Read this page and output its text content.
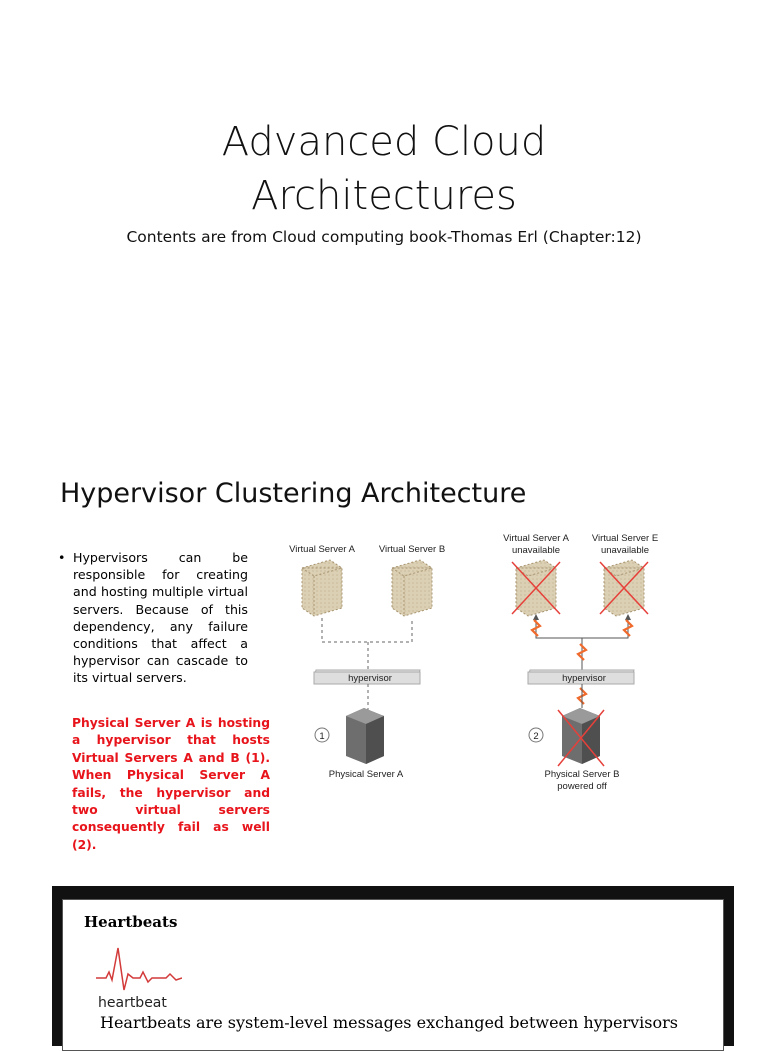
Advanced Cloud
Architectures
Contents are from Cloud computing book-Thomas Erl (Chapter:12)
Hypervisor Clustering Architecture
• Hypervisors can be responsible for creating and hosting multiple virtual servers. Because of this dependency, any failure conditions that affect a hypervisor can cascade to its virtual servers.
Physical Server A is hosting a hypervisor that hosts Virtual Servers A and B (1). When Physical Server A fails, the hypervisor and two virtual servers consequently fail as well (2).
Virtual Server A	Virtual Server B
hypervisor
1
Physical Server A
Virtual Server A
unavailable
Virtual Server E
unavailable
hypervisor
2
Physical Server B
powered off
Heartbeats
heartbeat
Heartbeats are system-level messages exchanged between hypervisors
